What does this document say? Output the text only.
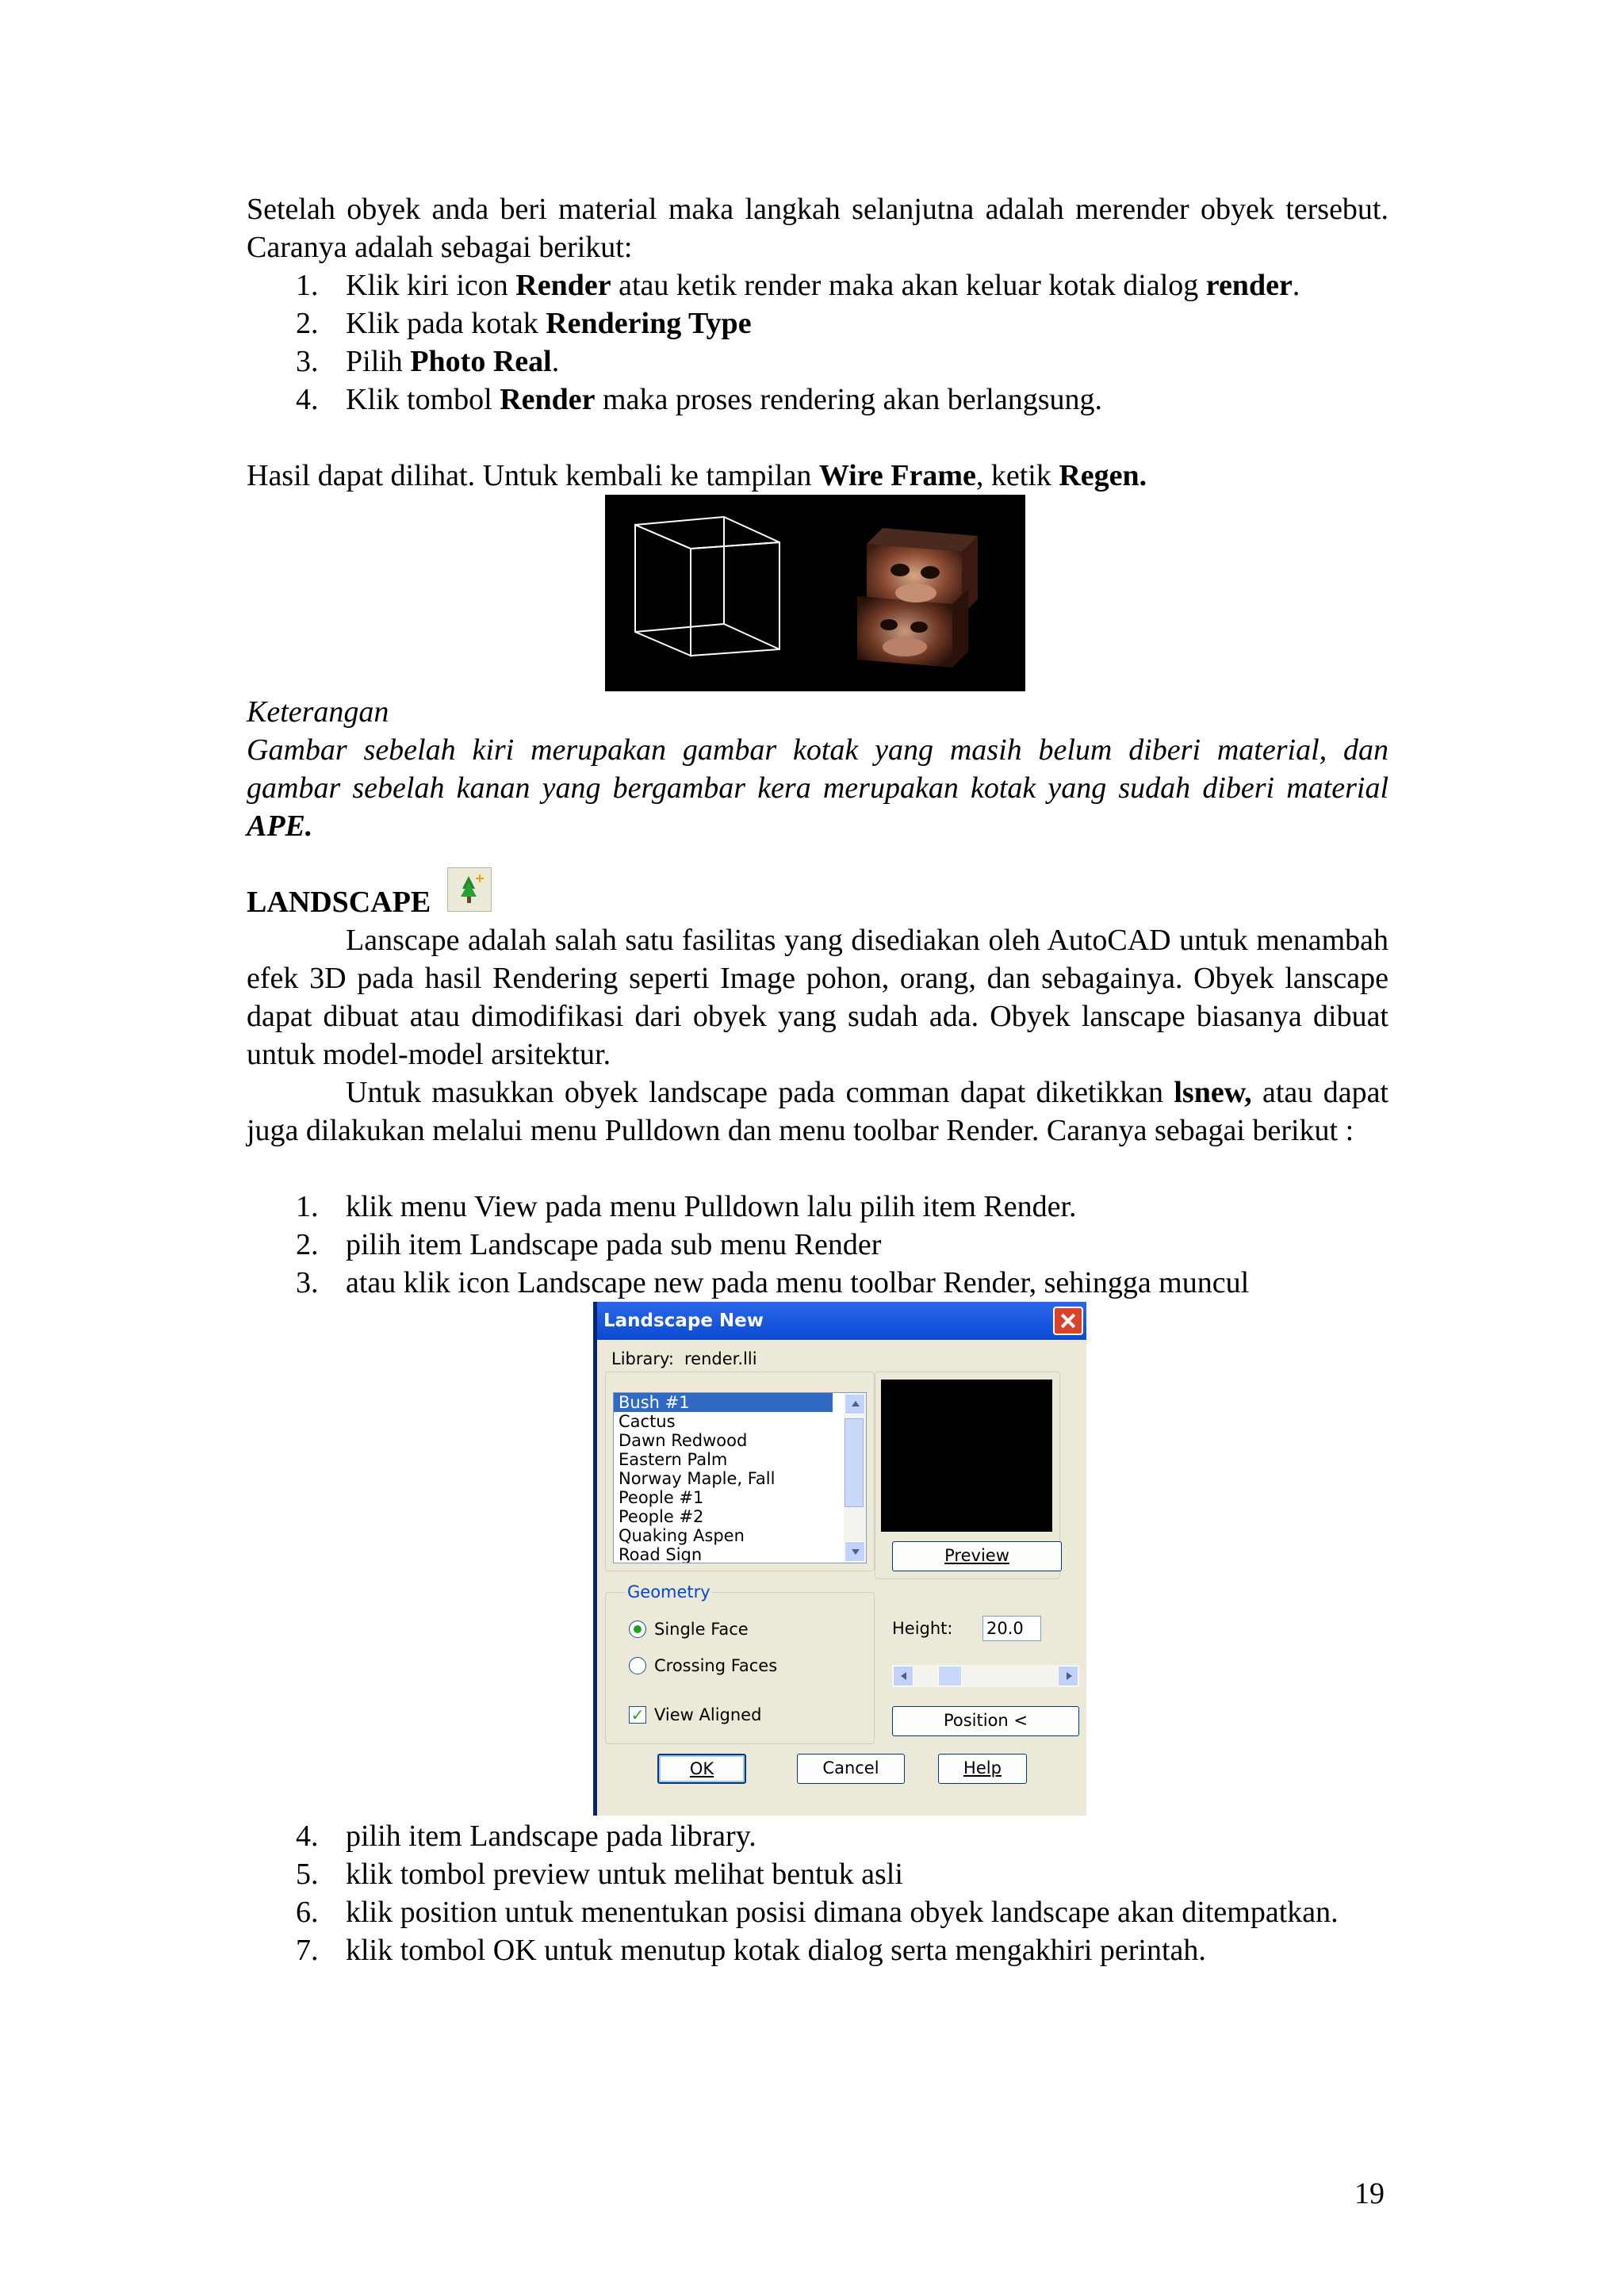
Setelah obyek anda beri material maka langkah selanjutna adalah merender obyek tersebut. Caranya adalah sebagai berikut:

1. Klik kiri icon Render atau ketik render maka akan keluar kotak dialog render.
2. Klik pada kotak Rendering Type
3. Pilih Photo Real.
4. Klik tombol Render maka proses rendering akan berlangsung.

Hasil dapat dilihat. Untuk kembali ke tampilan Wire Frame, ketik Regen.

Keterangan

Gambar sebelah kiri merupakan gambar kotak yang masih belum diberi material, dan gambar sebelah kanan yang bergambar kera merupakan kotak yang sudah diberi material APE.

LANDSCAPE

Lanscape adalah salah satu fasilitas yang disediakan oleh AutoCAD untuk menambah efek 3D pada hasil Rendering seperti Image pohon, orang, dan sebagainya. Obyek lanscape dapat dibuat atau dimodifikasi dari obyek yang sudah ada. Obyek lanscape biasanya dibuat untuk model-model arsitektur.

Untuk masukkan obyek landscape pada comman dapat diketikkan lsnew, atau dapat juga dilakukan melalui menu Pulldown dan menu toolbar Render. Caranya sebagai berikut :

1. klik menu View pada menu Pulldown lalu pilih item Render.
2. pilih item Landscape pada sub menu Render
3. atau klik icon Landscape new pada menu toolbar Render, sehingga muncul
Landscape New
Library: render.lli
Bush #1
Cactus
Dawn Redwood
Eastern Palm
Norway Maple, Fall
People #1
People #2
Quaking Aspen
Road Sign	Preview
Geometry
Single Face
Crossing Faces
✓ View Aligned
Height: 20.0
Position <
OK	Cancel	Help
4. pilih item Landscape pada library.
5. klik tombol preview untuk melihat bentuk asli
6. klik position untuk menentukan posisi dimana obyek landscape akan ditempatkan.
7. klik tombol OK untuk menutup kotak dialog serta mengakhiri perintah.
19
